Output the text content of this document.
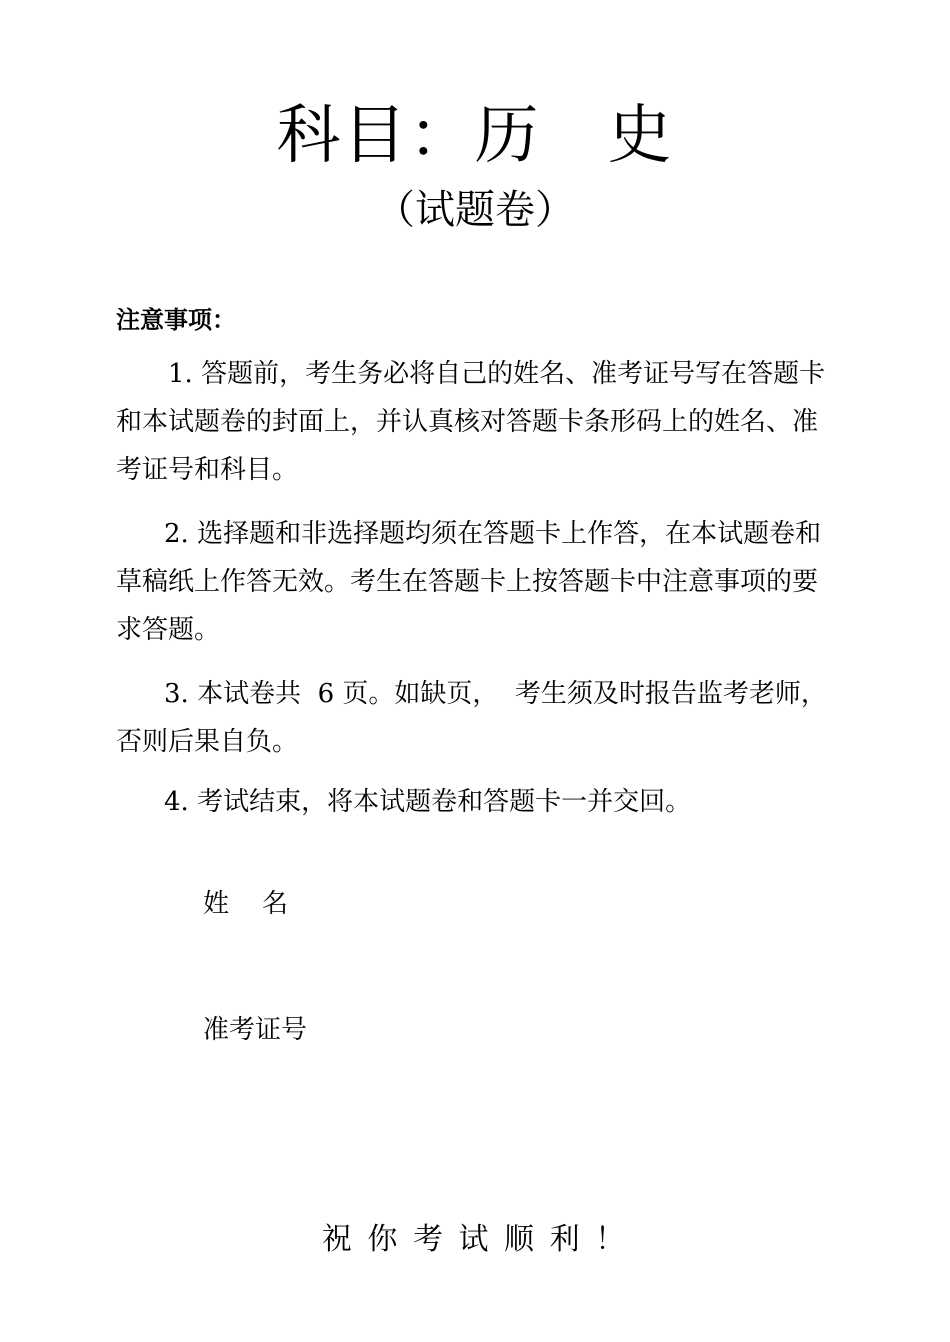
科目：历   史
（试题卷）
注意事项：
1. 答题前，考生务必将自己的姓名、准考证号写在答题卡和本试题卷的封面上，并认真核对答题卡条形码上的姓名、准考证号和科目。
2. 选择题和非选择题均须在答题卡上作答，在本试题卷和草稿纸上作答无效。考生在答题卡上按答题卡中注意事项的要求答题。
3. 本试卷共  6 页。如缺页，  考生须及时报告监考老师，否则后果自负。
4. 考试结束，将本试题卷和答题卡一并交回。
姓    名
准考证号
祝 你 考 试 顺 利 ！
